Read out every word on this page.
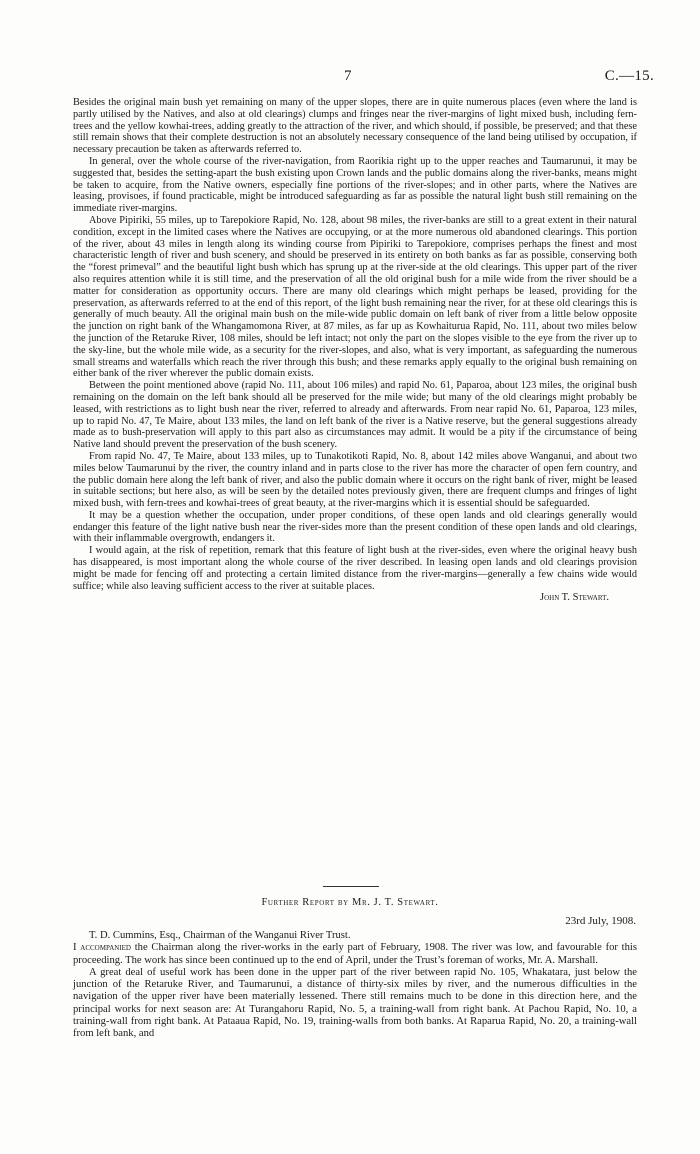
7	C.—15.

Besides the original main bush yet remaining on many of the upper slopes, there are in quite numerous places (even where the land is partly utilised by the Natives, and also at old clearings) clumps and fringes near the river-margins of light mixed bush, including fern-trees and the yellow kowhai-trees, adding greatly to the attraction of the river, and which should, if possible, be preserved; and that these still remain shows that their complete destruction is not an absolutely necessary consequence of the land being utilised by occupation, if necessary precaution be taken as afterwards referred to.

In general, over the whole course of the river-navigation, from Raorikia right up to the upper reaches and Taumarunui, it may be suggested that, besides the setting-apart the bush existing upon Crown lands and the public domains along the river-banks, means might be taken to acquire, from the Native owners, especially fine portions of the river-slopes; and in other parts, where the Natives are leasing, provisoes, if found practicable, might be introduced safeguarding as far as possible the natural light bush still remaining on the immediate river-margins.

Above Pipiriki, 55 miles, up to Tarepokiore Rapid, No. 128, about 98 miles, the river-banks are still to a great extent in their natural condition, except in the limited cases where the Natives are occupying, or at the more numerous old abandoned clearings. This portion of the river, about 43 miles in length along its winding course from Pipiriki to Tarepokiore, comprises perhaps the finest and most characteristic length of river and bush scenery, and should be preserved in its entirety on both banks as far as possible, conserving both the “forest primeval” and the beautiful light bush which has sprung up at the river-side at the old clearings. This upper part of the river also requires attention while it is still time, and the preservation of all the old original bush for a mile wide from the river should be a matter for consideration as opportunity occurs. There are many old clearings which might perhaps be leased, providing for the preservation, as afterwards referred to at the end of this report, of the light bush remaining near the river, for at these old clearings this is generally of much beauty. All the original main bush on the mile-wide public domain on left bank of river from a little below opposite the junction on right bank of the Whangamomona River, at 87 miles, as far up as Kowhaiturua Rapid, No. 111, about two miles below the junction of the Retaruke River, 108 miles, should be left intact; not only the part on the slopes visible to the eye from the river up to the sky-line, but the whole mile wide, as a security for the river-slopes, and also, what is very important, as safeguarding the numerous small streams and waterfalls which reach the river through this bush; and these remarks apply equally to the original bush remaining on either bank of the river wherever the public domain exists.

Between the point mentioned above (rapid No. 111, about 106 miles) and rapid No. 61, Paparoa, about 123 miles, the original bush remaining on the domain on the left bank should all be preserved for the mile wide; but many of the old clearings might probably be leased, with restrictions as to light bush near the river, referred to already and afterwards. From near rapid No. 61, Paparoa, 123 miles, up to rapid No. 47, Te Maire, about 133 miles, the land on left bank of the river is a Native reserve, but the general suggestions already made as to bush-preservation will apply to this part also as circumstances may admit. It would be a pity if the circumstance of being Native land should prevent the preservation of the bush scenery.

From rapid No. 47, Te Maire, about 133 miles, up to Tunakotikoti Rapid, No. 8, about 142 miles above Wanganui, and about two miles below Taumarunui by the river, the country inland and in parts close to the river has more the character of open fern country, and the public domain here along the left bank of river, and also the public domain where it occurs on the right bank of river, might be leased in suitable sections; but here also, as will be seen by the detailed notes previously given, there are frequent clumps and fringes of light mixed bush, with fern-trees and kowhai-trees of great beauty, at the river-margins which it is essential should be safeguarded.

It may be a question whether the occupation, under proper conditions, of these open lands and old clearings generally would endanger this feature of the light native bush near the river-sides more than the present condition of these open lands and old clearings, with their inflammable overgrowth, endangers it.

I would again, at the risk of repetition, remark that this feature of light bush at the river-sides, even where the original heavy bush has disappeared, is most important along the whole course of the river described. In leasing open lands and old clearings provision might be made for fencing off and protecting a certain limited distance from the river-margins—generally a few chains wide would suffice; while also leaving sufficient access to the river at suitable places.

John T. Stewart.
Further Report by Mr. J. T. Stewart.
23rd July, 1908.

T. D. Cummins, Esq., Chairman of the Wanganui River Trust.

I accompanied the Chairman along the river-works in the early part of February, 1908. The river was low, and favourable for this proceeding. The work has since been continued up to the end of April, under the Trust’s foreman of works, Mr. A. Marshall.

A great deal of useful work has been done in the upper part of the river between rapid No. 105, Whakatara, just below the junction of the Retaruke River, and Taumarunui, a distance of thirty-six miles by river, and the numerous difficulties in the navigation of the upper river have been materially lessened. There still remains much to be done in this direction here, and the principal works for next season are: At Turangahoru Rapid, No. 5, a training-wall from right bank. At Pachou Rapid, No. 10, a training-wall from right bank. At Pataaua Rapid, No. 19, training-walls from both banks. At Raparua Rapid, No. 20, a training-wall from left bank, and
